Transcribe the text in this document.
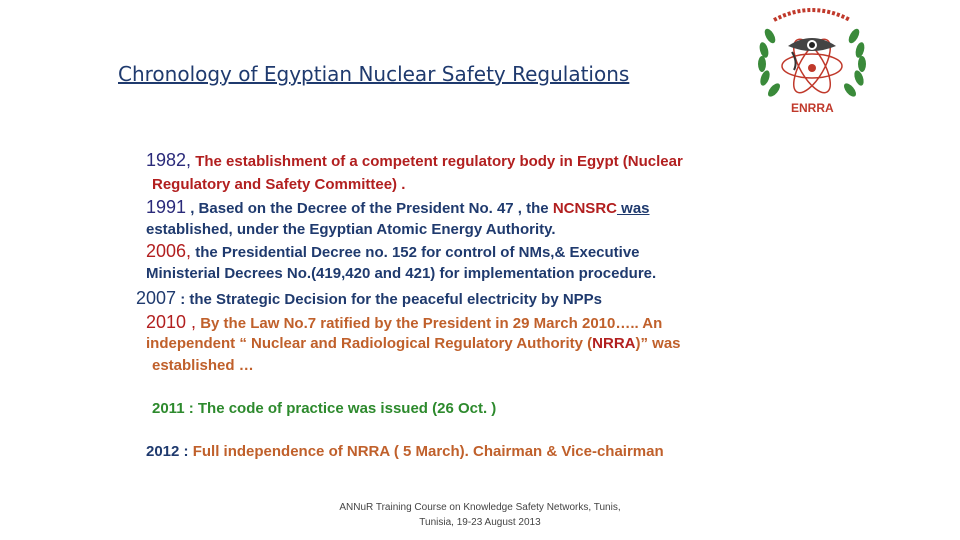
Chronology of Egyptian Nuclear Safety Regulations
ENRRA
1982, The establishment of a competent regulatory body in Egypt (Nuclear
Regulatory and Safety Committee) .
1991 , Based on the Decree of the President No. 47 , the NCNSRC was
established, under the Egyptian Atomic Energy Authority.
2006, the Presidential Decree no. 152 for control of NMs,& Executive
Ministerial Decrees No.(419,420 and 421) for implementation procedure.
2007 : the Strategic Decision for the peaceful electricity by NPPs
2010 , By the Law No.7 ratified by the President in 29 March 2010….. An
independent “ Nuclear and Radiological Regulatory Authority (NRRA)” was
established …
2011 : The code of practice was issued (26 Oct. )
2012 : Full independence of NRRA ( 5 March). Chairman & Vice-chairman
ANNuR Training Course on Knowledge Safety Networks, Tunis,
Tunisia, 19-23 August 2013
